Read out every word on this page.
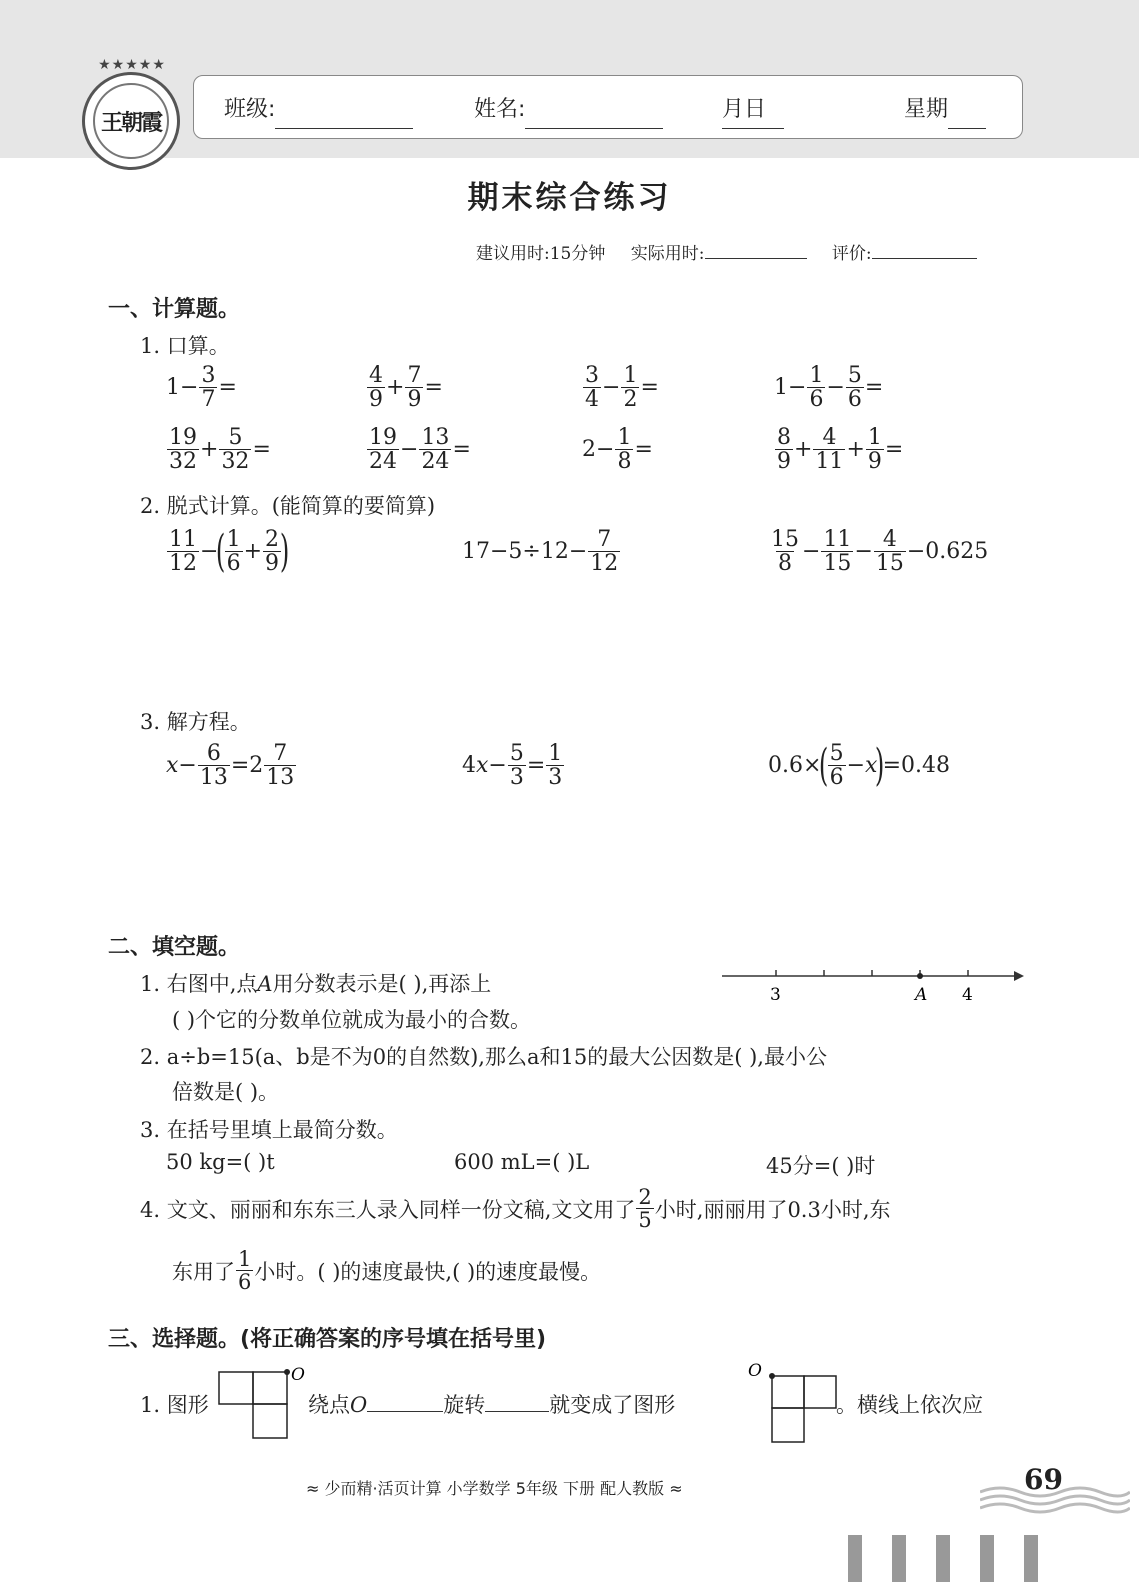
★★★★★
王朝霞	班级:	姓名:	月
日	星期
期末综合练习
建议用时:15分钟 实际用时:	评价:
一、计算题。
1. 口算。
$1- \frac{3}{7}$ =	$\frac{4}{9} + \frac{7}{9}$ =	$\frac{3}{4} - \frac{1}{2}$ =	$1- \frac{1}{6} - \frac{5}{6}$ =
$\frac{19}{32} + \frac{5}{32}$ =	$\frac{19}{24} - \frac{13}{24}$ =	$2- \frac{1}{8}$ =	$\frac{8}{9} + \frac{4}{11} + \frac{1}{9}$ =
2. 脱式计算。(能简算的要简算)
$\frac{11}{12}$ −
(
$\frac{1}{6} + \frac{2}{9}$
)	$17-5\div 12- \frac{7}{12}$	$\frac{15}{8} - \frac{11}{15} - \frac{4}{15} -0.625$
3. 解方程。
$x - \frac{6}{13} =2 \frac{7}{13}$	4 $x - \frac{5}{3} = \frac{1}{3}$	0.6×
(
$\frac{5}{6} - x$
)
=0.48
二、填空题。
1. 右图中,点A用分数表示是( ),再添上
( )个它的分数单位就成为最小的合数。
3	A 4
2. a÷b=15(a、b是不为0的自然数),那么a和15的最大公因数是( ),最小公
倍数是( )。
3. 在括号里填上最简分数。
50 kg=( )t	600 mL=( )L	45分=( )时
4. 文文、丽丽和东东三人录入同样一份文稿,文文用了 $\frac{2}{5}$ 小时,丽丽用了0.3小时,东
东用了 $\frac{1}{6}$ 小时。( )的速度最快,( )的速度最慢。
三、选择题。(将正确答案的序号填在括号里)
1. 图形
O
绕点O	旋转	就变成了图形
O
。横线上依次应
≈ 少而精·活页计算 小学数学 5年级 下册 配人教版 ≈	69
